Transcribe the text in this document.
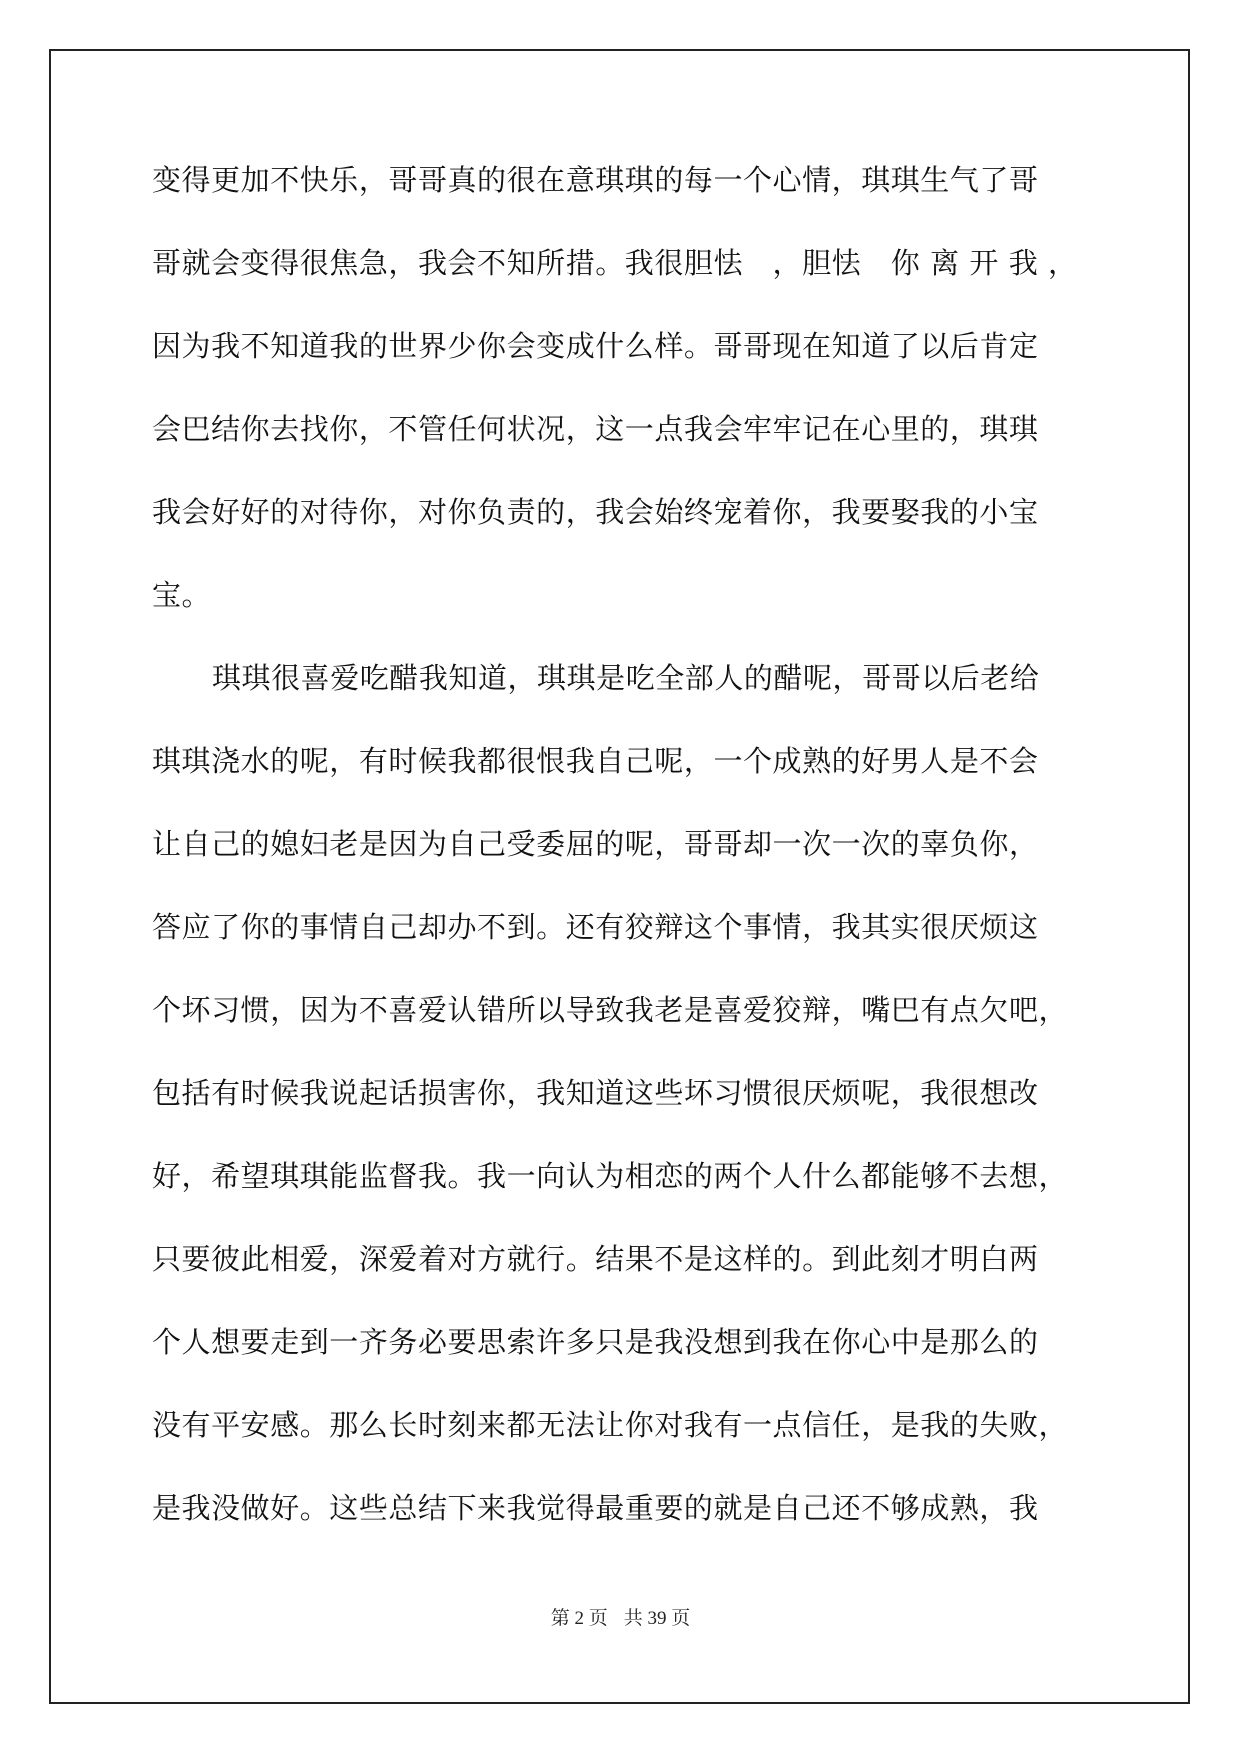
变得更加不快乐，哥哥真的很在意琪琪的每一个心情，琪琪生气了哥
哥就会变得很焦急，我会不知所措。我很胆怯　，胆怯　你 离 开 我 ，
因为我不知道我的世界少你会变成什么样。哥哥现在知道了以后肯定
会巴结你去找你，不管任何状况，这一点我会牢牢记在心里的，琪琪
我会好好的对待你，对你负责的，我会始终宠着你，我要娶我的小宝
宝。
琪琪很喜爱吃醋我知道，琪琪是吃全部人的醋呢，哥哥以后老给
琪琪浇水的呢，有时候我都很恨我自己呢，一个成熟的好男人是不会
让自己的媳妇老是因为自己受委屈的呢，哥哥却一次一次的辜负你，
答应了你的事情自己却办不到。还有狡辩这个事情，我其实很厌烦这
个坏习惯，因为不喜爱认错所以导致我老是喜爱狡辩，嘴巴有点欠吧，
包括有时候我说起话损害你，我知道这些坏习惯很厌烦呢，我很想改
好，希望琪琪能监督我。我一向认为相恋的两个人什么都能够不去想，
只要彼此相爱，深爱着对方就行。结果不是这样的。到此刻才明白两
个人想要走到一齐务必要思索许多只是我没想到我在你心中是那么的
没有平安感。那么长时刻来都无法让你对我有一点信任，是我的失败，
是我没做好。这些总结下来我觉得最重要的就是自己还不够成熟，我
第 2 页 共 39 页
